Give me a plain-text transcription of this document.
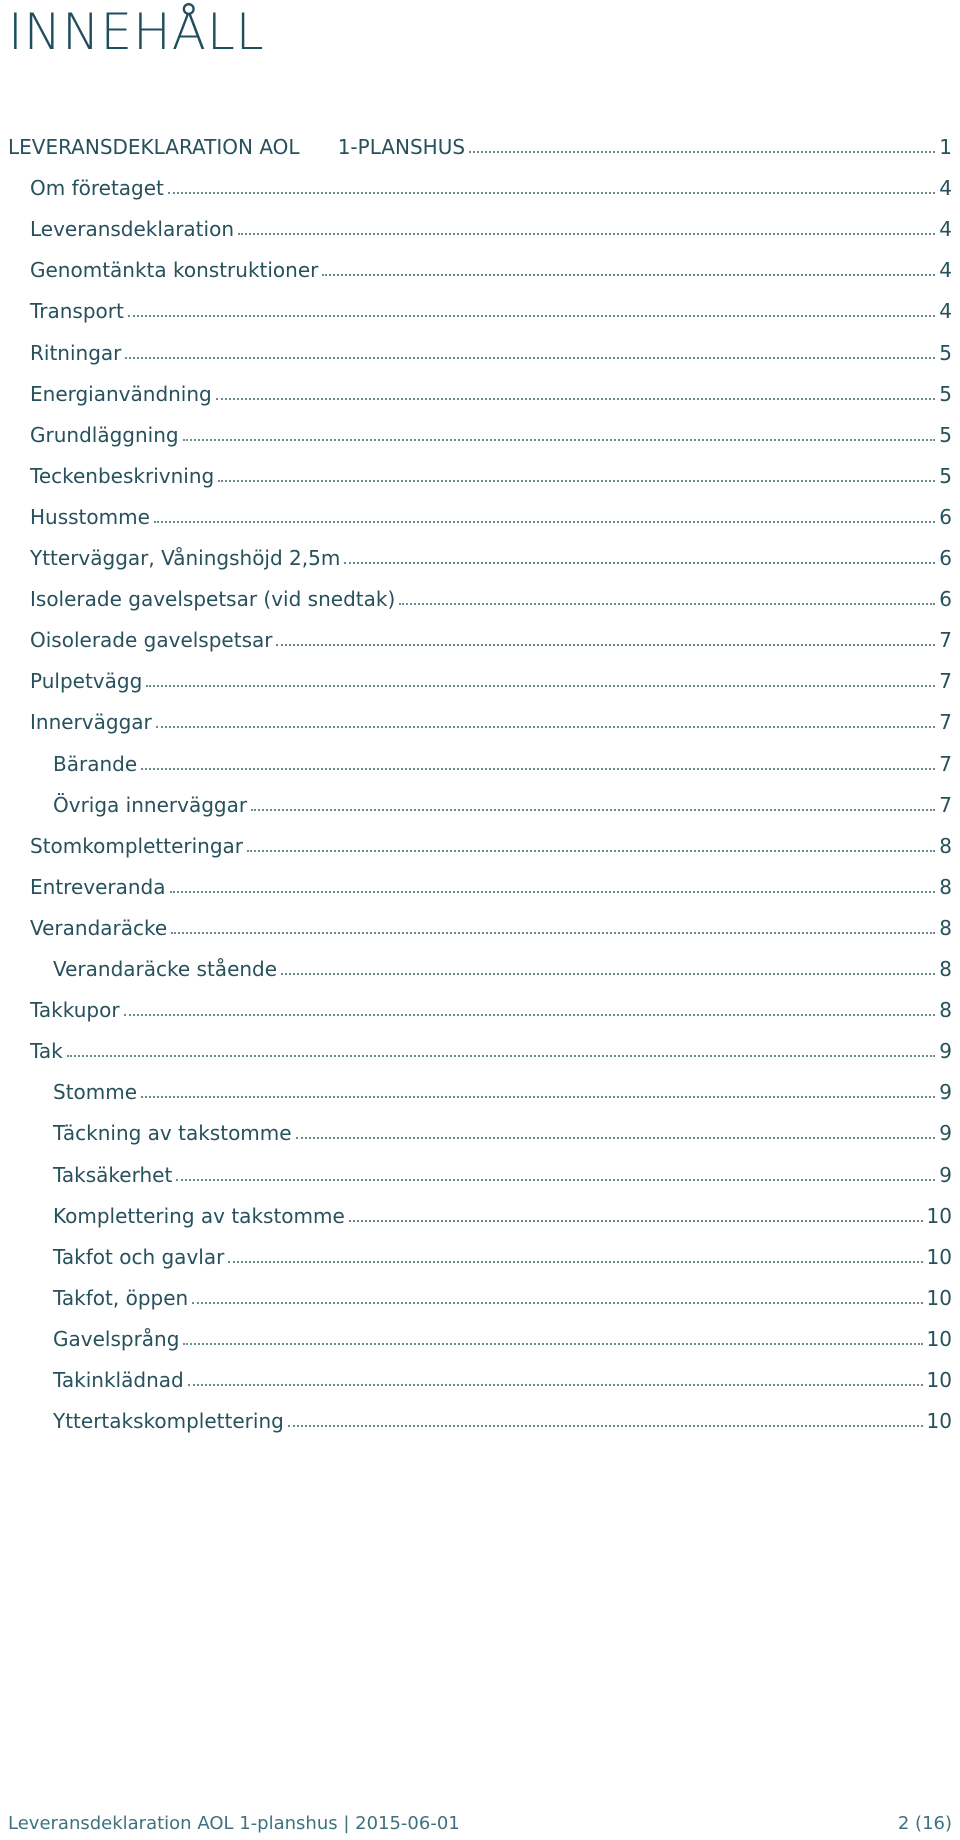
INNEHÅLL
LEVERANSDEKLARATION AOL      1-PLANSHUS	1
Om företaget	4
Leveransdeklaration	4
Genomtänkta konstruktioner	4
Transport	4
Ritningar	5
Energianvändning	5
Grundläggning	5
Teckenbeskrivning	5
Husstomme	6
Ytterväggar, Våningshöjd 2,5m	6
Isolerade gavelspetsar (vid snedtak)	6
Oisolerade gavelspetsar	7
Pulpetvägg	7
Innerväggar	7
Bärande	7
Övriga innerväggar	7
Stomkompletteringar	8
Entreveranda	8
Verandaräcke	8
Verandaräcke stående	8
Takkupor	8
Tak	9
Stomme	9
Täckning av takstomme	9
Taksäkerhet	9
Komplettering av takstomme	10
Takfot och gavlar	10
Takfot, öppen	10
Gavelsprång	10
Takinklädnad	10
Yttertakskomplettering	10
Leveransdeklaration AOL 1-planshus | 2015-06-01	2 (16)
